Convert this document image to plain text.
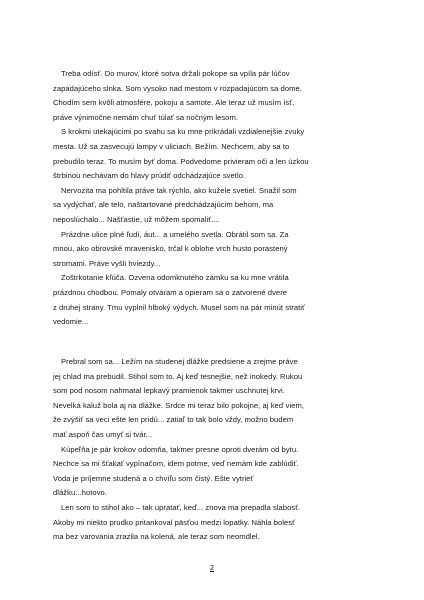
Treba odísť. Do murov, ktoré sotva držali pokope sa vpíla pár lúčov
zapadajúceho slnka. Som vysoko nad mestom v rozpadajúcom sa dome.
Chodím sem kvôli atmosfére, pokoju a samote. Ale teraz už musím ísť,
práve výnimočne nemám chuť túlať sa nočným lesom.

S krokmi utekajúcimi po svahu sa ku mne prikrádali vzdialenejšie zvuky
mesta. Už sa zasvecujú lampy v uliciach. Bežím. Nechcem, aby sa to
prebudilo teraz. To musím byť doma. Podvedome privieram oči a len úzkou
štrbinou nechávam do hlavy prúdiť odchádzajúce svetlo.

Nervozita ma pohltila práve tak rýchlo, ako kužele svetiel. Snažil som
sa vydýchať, ale telo, naštartované predchádzajúcim behom, ma
neposlúchalo... Našťastie, už môžem spomaliť....

Prázdne ulice plné ľudí, áut... a umelého svetla. Obrátil som sa. Za
mnou, ako obrovské mravenisko, trčal k oblohe vrch husto porastený
stromami. Práve vyšli hviezdy...

Zoštrkotanie kľúča. Ozvena odomknutého zámku sa ku mne vrátila
prázdnou chodbou. Pomaly otváram a opieram sa o zatvorené dvere
z druhej strany. Tmu vyplnil hlboký výdych. Musel som na pár minút stratiť
vedomie...

Prebral som sa... Ležím na studenej dlážke predsiene a zrejme práve
jej chlad ma prebudil. Stihol som to. Aj keď tesnejšie, než inokedy. Rukou
som pod nosom nahmatal lepkavý pramienok takmer uschnutej krvi.
Nevelká kaluž bola aj na dlážke. Srdce mi teraz bilo pokojne, aj keď viem,
že zvýšiť sa veci ešte len pridú... zatiaľ to tak bolo vždy, možno budem
mať aspoň čas umyť si tvár...

Kúpeľňa je pár krokov odomňa, takmer presne oproti dverám od bytu.
Nechce sa mi šťakať vypínačom, idem potme, veď nemám kde zablúdiť.
Voda je príjemne studená a o chvíľu som čistý. Ešte vytrieť
dlážku...hotovo.

Len som to stihol ako – tak upratať, keď... znova ma prepadla slabosť.
Akoby mi niekto prudko pritankoval päsťou medzi lopatky. Náhla bolesť
ma bez varovania zrazila na kolená, ale teraz som neomdlel.

2
